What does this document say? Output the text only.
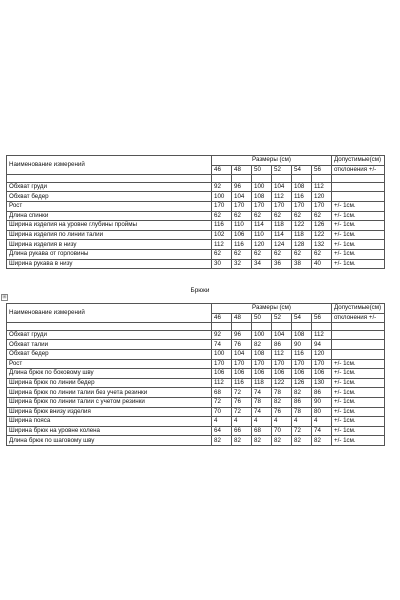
Наименование измерений	Размеры (см)						Допустимые(см)
	46	48	50	52	54	56	отклонения +/-

Обхват груди	92	96	100	104	108	112	
Обхват бедер	100	104	108	112	116	120	
Рост	170	170	170	170	170	170	+/- 1см.
Длина спинки	62	62	62	62	62	62	+/- 1см.
Ширина изделия на уровне глубины проймы	116	110	114	118	122	126	+/- 1см.
Ширина изделия по линии талии	102	106	110	114	118	122	+/- 1см.
Ширина изделия в низу	112	116	120	124	128	132	+/- 1см.
Длина рукава от горловины	62	62	62	62	62	62	+/- 1см.
Ширина рукава в низу	30	32	34	36	38	40	+/- 1см.
Брюки
⊞
Наименование измерений	Размеры (см)						Допустимые(см)
	46	48	50	52	54	56	отклонения +/-

Обхват груди	92	96	100	104	108	112	
Обхват талии	74	76	82	86	90	94	
Обхват бедер	100	104	108	112	116	120	
Рост	170	170	170	170	170	170	+/- 1см.
Длина брюк по боковому шву	106	106	106	106	106	106	+/- 1см.
Ширина брюк по линии бедер	112	116	118	122	126	130	+/- 1см.
Ширина брюк по линии талии без учета резинки	68	72	74	78	82	86	+/- 1см.
Ширина брюк по линии талии с учетом резинки	72	76	78	82	86	90	+/- 1см.
Ширина брюк внизу изделия	70	72	74	76	78	80	+/- 1см.
Ширина пояса	4	4	4	4	4	4	+/- 1см.
Ширина брюк на уровне колена	64	66	68	70	72	74	+/- 1см.
Длина брюк по шаговому шву	82	82	82	82	82	82	+/- 1см.
